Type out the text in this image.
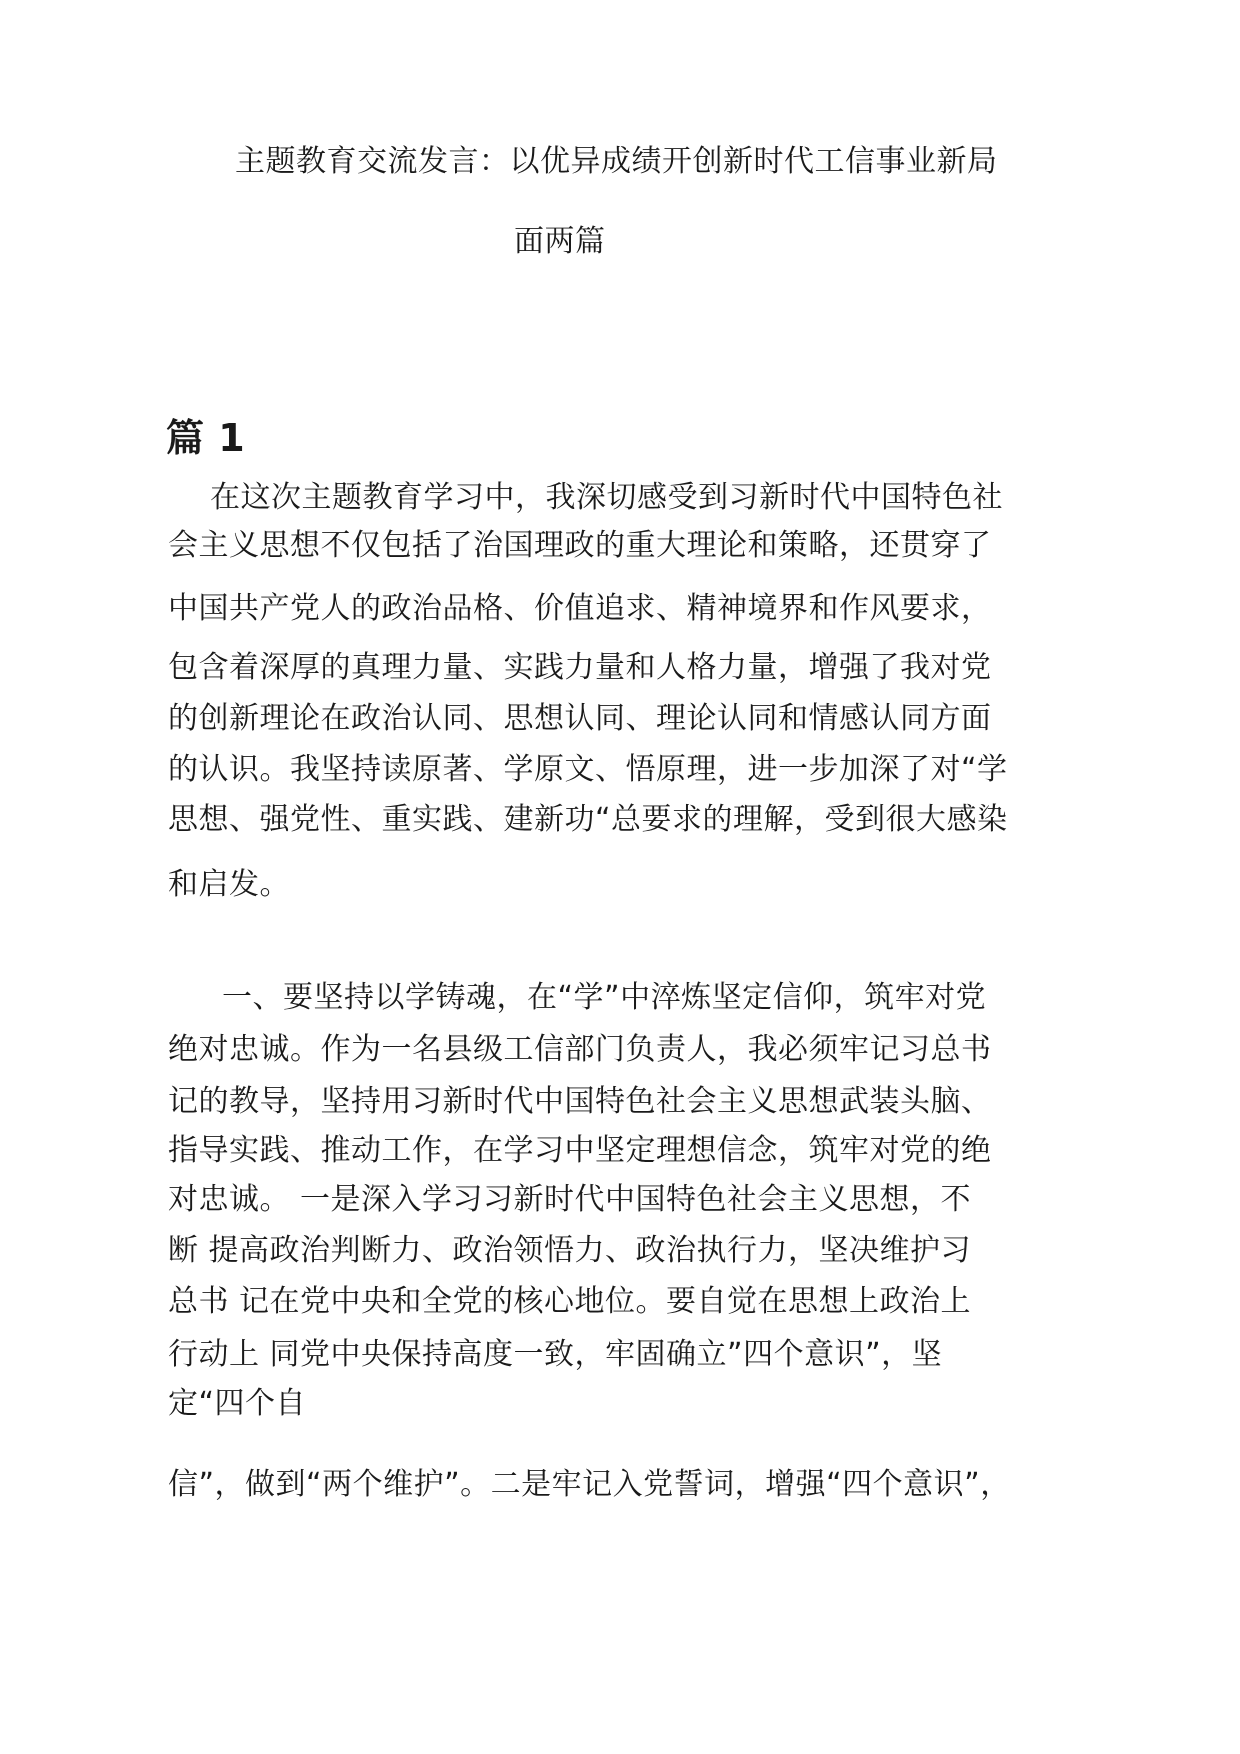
主题教育交流发言：以优异成绩开创新时代工信事业新局
面两篇
篇 1
在这次主题教育学习中，我深切感受到习新时代中国特色社
会主义思想不仅包括了治国理政的重大理论和策略，还贯穿了
中国共产党人的政治品格、价值追求、精神境界和作风要求，
包含着深厚的真理力量、实践力量和人格力量，增强了我对党
的创新理论在政治认同、思想认同、理论认同和情感认同方面
的认识。我坚持读原著、学原文、悟原理，进一步加深了对“学
思想、强党性、重实践、建新功“总要求的理解，受到很大感染
和启发。
一、要坚持以学铸魂，在“学”中淬炼坚定信仰，筑牢对党
绝对忠诚。作为一名县级工信部门负责人，我必须牢记习总书
记的教导，坚持用习新时代中国特色社会主义思想武装头脑、
指导实践、推动工作，在学习中坚定理想信念，筑牢对党的绝
对忠诚。 一是深入学习习新时代中国特色社会主义思想，不
断 提高政治判断力、政治领悟力、政治执行力，坚决维护习
总书 记在党中央和全党的核心地位。要自觉在思想上政治上
行动上 同党中央保持高度一致，牢固确立”四个意识”，坚
定“四个自
信”，做到“两个维护”。二是牢记入党誓词，增强“四个意识”，
